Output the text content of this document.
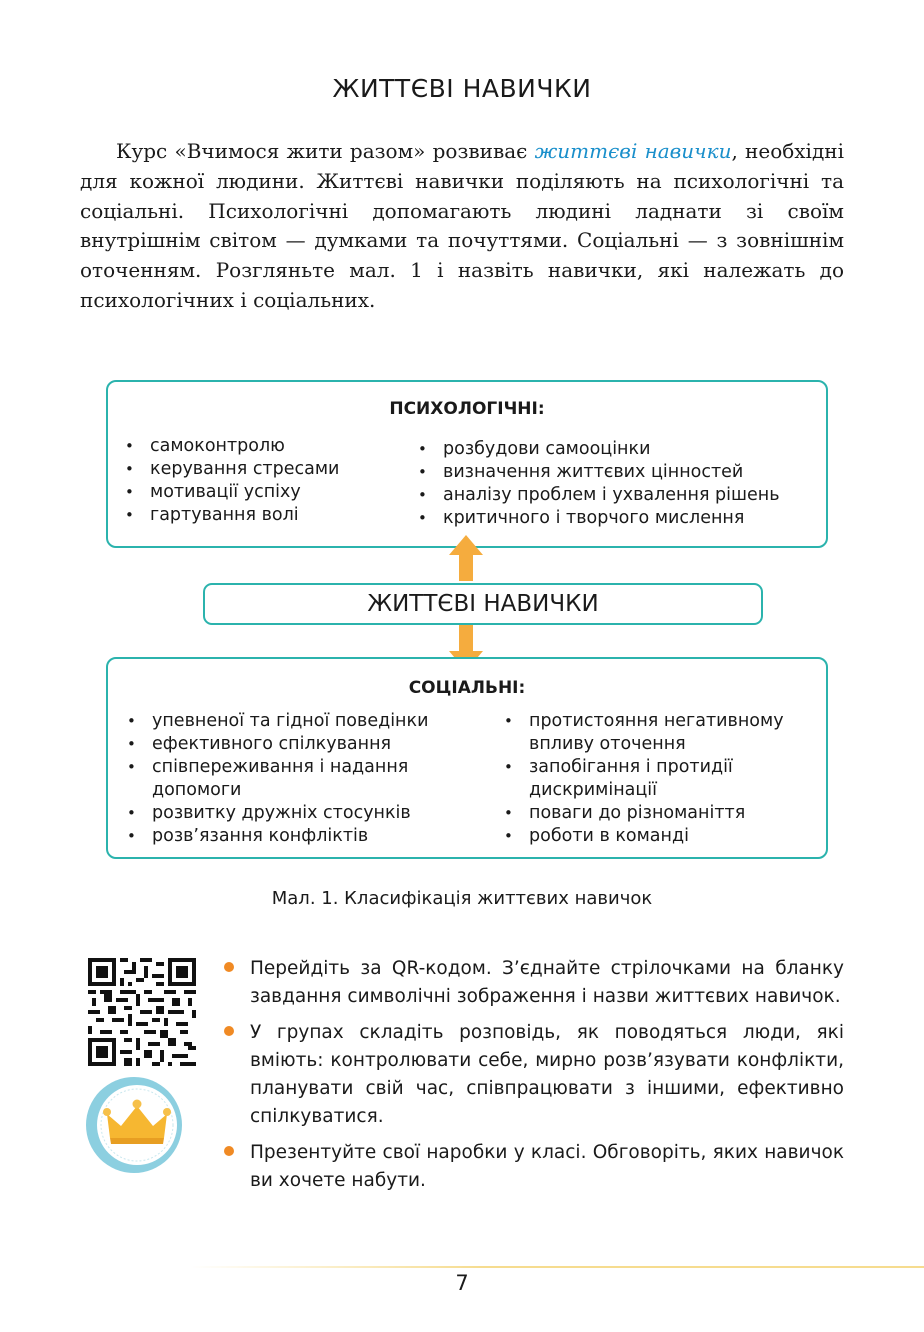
ЖИТТЄВІ НАВИЧКИ

Курс «Вчимося жити разом» розвиває життєві навички, необхідні для кожної людини. Життєві навички поділяють на психологічні та соціальні. Психологічні допомагають людині ладнати зі своїм внутрішнім світом — думками та почуттями. Соціальні — з зовнішнім оточенням. Розгляньте мал. 1 і назвіть навички, які належать до психологічних і соціальних.

ПСИХОЛОГІЧНІ:
• самоконтролю
• керування стресами
• мотивації успіху
• гартування волі
• розбудови самооцінки
• визначення життєвих цінностей
• аналізу проблем і ухвалення рішень
• критичного і творчого мислення
ЖИТТЄВІ НАВИЧКИ
СОЦІАЛЬНІ:
• упевненої та гідної поведінки
• ефективного спілкування
• співпереживання і надання допомоги
• розвитку дружніх стосунків
• розв’язання конфліктів
• протистояння негативному впливу оточення
• запобігання і протидії дискримінації
• поваги до різноманіття
• роботи в команді
Мал. 1. Класифікація життєвих навичок
Перейдіть за QR-кодом. З’єднайте стрілочками на бланку завдання символічні зображення і назви життєвих навичок.
У групах складіть розповідь, як поводяться люди, які вміють: контролювати себе, мирно розв’язувати конфлікти, планувати свій час, співпрацювати з іншими, ефективно спілкуватися.
Презентуйте свої наробки у класі. Обговоріть, яких навичок ви хочете набути.
7
